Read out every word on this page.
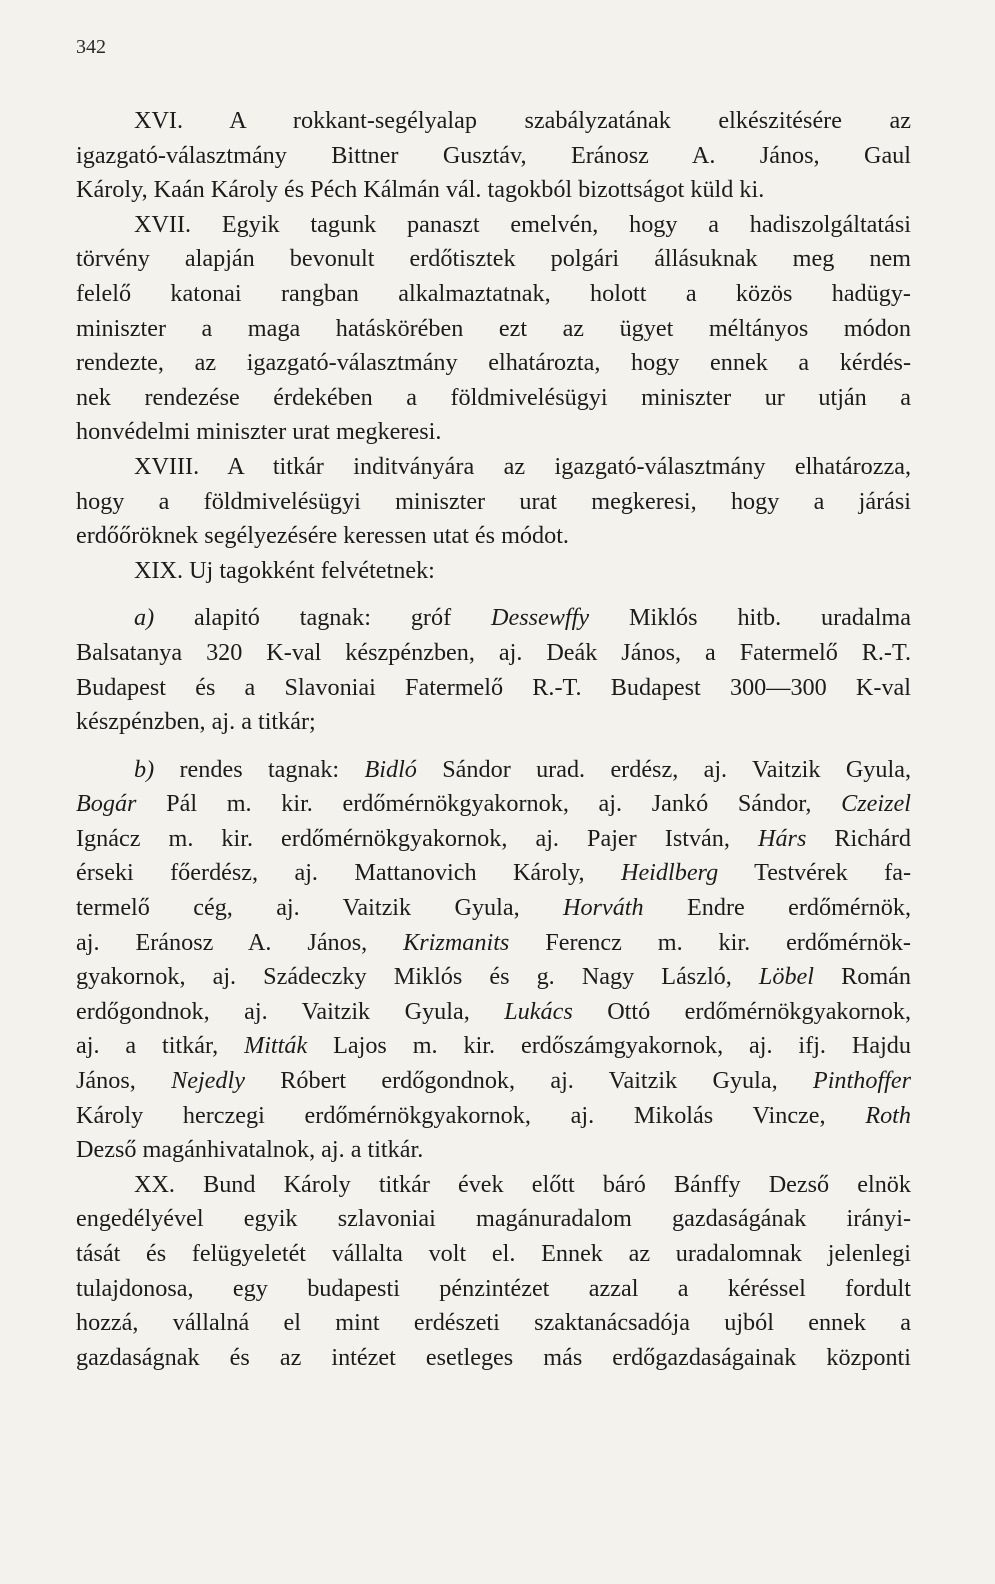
342
XVI. A rokkant-segélyalap szabályzatának elkészitésére az
igazgató-választmány Bittner Gusztáv, Eránosz A. János, Gaul
Károly, Kaán Károly és Péch Kálmán vál. tagokból bizottságot küld ki.
XVII. Egyik tagunk panaszt emelvén, hogy a hadiszolgáltatási
törvény alapján bevonult erdőtisztek polgári állásuknak meg nem
felelő katonai rangban alkalmaztatnak, holott a közös hadügy-
miniszter a maga hatáskörében ezt az ügyet méltányos módon
rendezte, az igazgató-választmány elhatározta, hogy ennek a kérdés-
nek rendezése érdekében a földmivelésügyi miniszter ur utján a
honvédelmi miniszter urat megkeresi.
XVIII. A titkár inditványára az igazgató-választmány elhatározza,
hogy a földmivelésügyi miniszter urat megkeresi, hogy a járási
erdőőröknek segélyezésére keressen utat és módot.
XIX. Uj tagokként felvétetnek:
a) alapitó tagnak: gróf Dessewffy Miklós hitb. uradalma
Balsatanya 320 K-val készpénzben, aj. Deák János, a Fatermelő R.-T.
Budapest és a Slavoniai Fatermelő R.-T. Budapest 300—300 K-val
készpénzben, aj. a titkár;
b) rendes tagnak: Bidló Sándor urad. erdész, aj. Vaitzik Gyula,
Bogár Pál m. kir. erdőmérnökgyakornok, aj. Jankó Sándor, Czeizel
Ignácz m. kir. erdőmérnökgyakornok, aj. Pajer István, Hárs Richárd
érseki főerdész, aj. Mattanovich Károly, Heidlberg Testvérek fa-
termelő cég, aj. Vaitzik Gyula, Horváth Endre erdőmérnök,
aj. Eránosz A. János, Krizmanits Ferencz m. kir. erdőmérnök-
gyakornok, aj. Szádeczky Miklós és g. Nagy László, Löbel Román
erdőgondnok, aj. Vaitzik Gyula, Lukács Ottó erdőmérnökgyakornok,
aj. a titkár, Mitták Lajos m. kir. erdőszámgyakornok, aj. ifj. Hajdu
János, Nejedly Róbert erdőgondnok, aj. Vaitzik Gyula, Pinthoffer
Károly herczegi erdőmérnökgyakornok, aj. Mikolás Vincze, Roth
Dezső magánhivatalnok, aj. a titkár.
XX. Bund Károly titkár évek előtt báró Bánffy Dezső elnök
engedélyével egyik szlavoniai magánuradalom gazdaságának irányi-
tását és felügyeletét vállalta volt el. Ennek az uradalomnak jelenlegi
tulajdonosa, egy budapesti pénzintézet azzal a kéréssel fordult
hozzá, vállalná el mint erdészeti szaktanácsadója ujból ennek a
gazdaságnak és az intézet esetleges más erdőgazdaságainak központi
